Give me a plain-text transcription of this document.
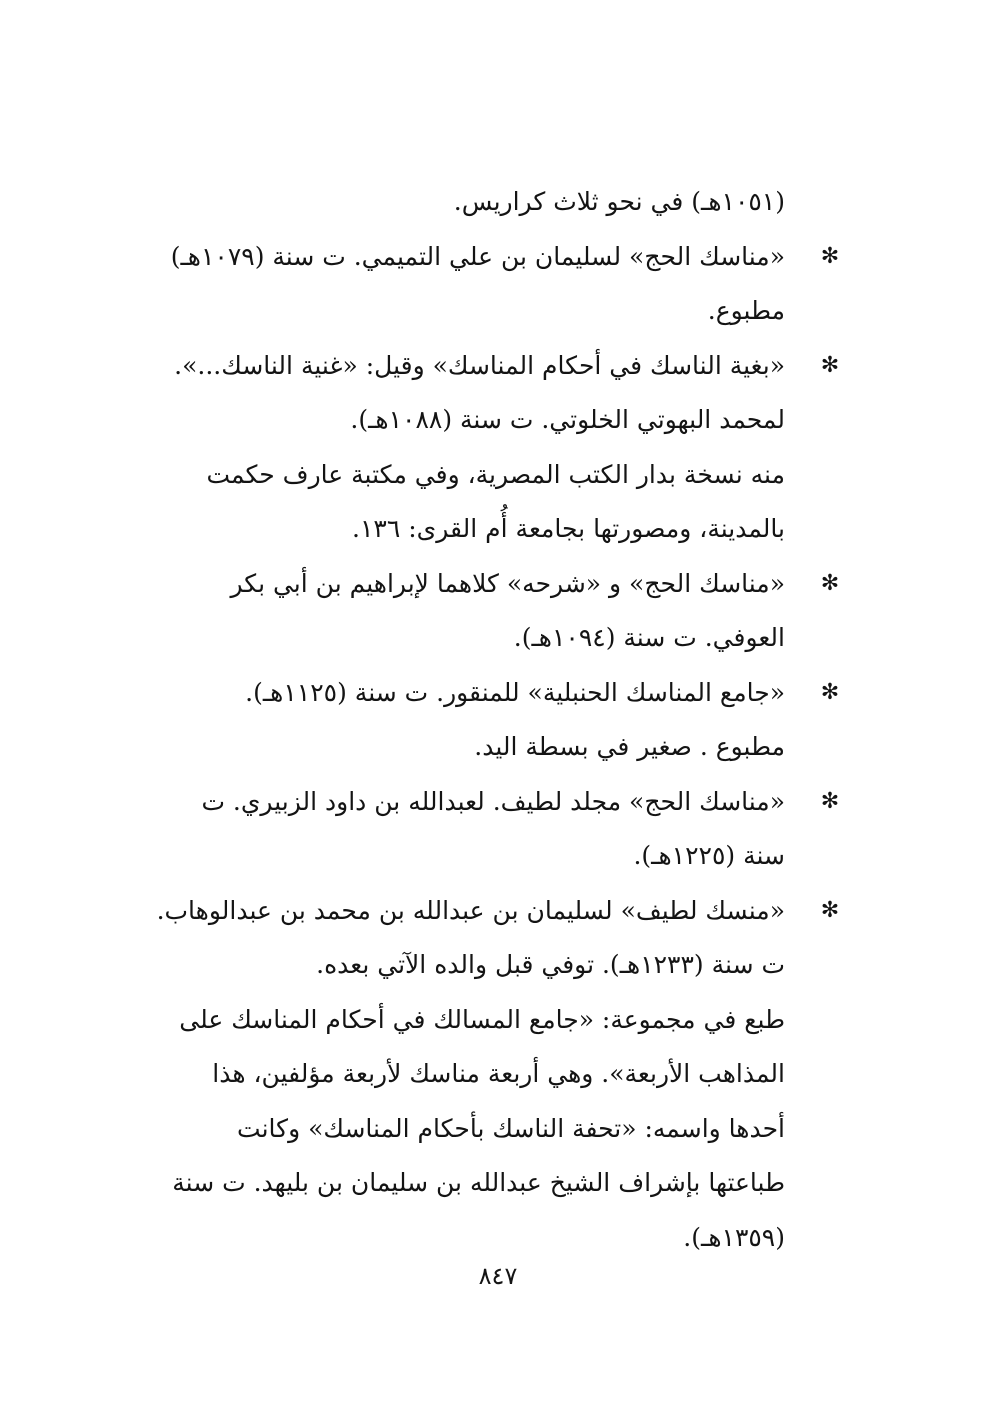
(١٠٥١هـ) في نحو ثلاث كراريس.
✻
«مناسك الحج» لسليمان بن علي التميمي. ت سنة (١٠٧٩هـ)
مطبوع.
✻
«بغية الناسك في أحكام المناسك» وقيل: «غنية الناسك...».
لمحمد البهوتي الخلوتي. ت سنة (١٠٨٨هـ).
منه نسخة بدار الكتب المصرية، وفي مكتبة عارف حكمت
بالمدينة، ومصورتها بجامعة أُم القرى: ١٣٦.
✻
«مناسك الحج» و «شرحه» كلاهما لإبراهيم بن أبي بكر
العوفي. ت سنة (١٠٩٤هـ).
✻
«جامع المناسك الحنبلية» للمنقور. ت سنة (١١٢٥هـ).
مطبوع . صغير في بسطة اليد.
✻
«مناسك الحج» مجلد لطيف. لعبدالله بن داود الزبيري. ت
سنة (١٢٢٥هـ).
✻
«منسك لطيف» لسليمان بن عبدالله بن محمد بن عبدالوهاب.
ت سنة (١٢٣٣هـ). توفي قبل والده الآتي بعده.
طبع في مجموعة: «جامع المسالك في أحكام المناسك على
المذاهب الأربعة». وهي أربعة مناسك لأربعة مؤلفين، هذا
أحدها واسمه: «تحفة الناسك بأحكام المناسك» وكانت
طباعتها بإشراف الشيخ عبدالله بن سليمان بن بليهد. ت سنة
(١٣٥٩هـ).
٨٤٧
